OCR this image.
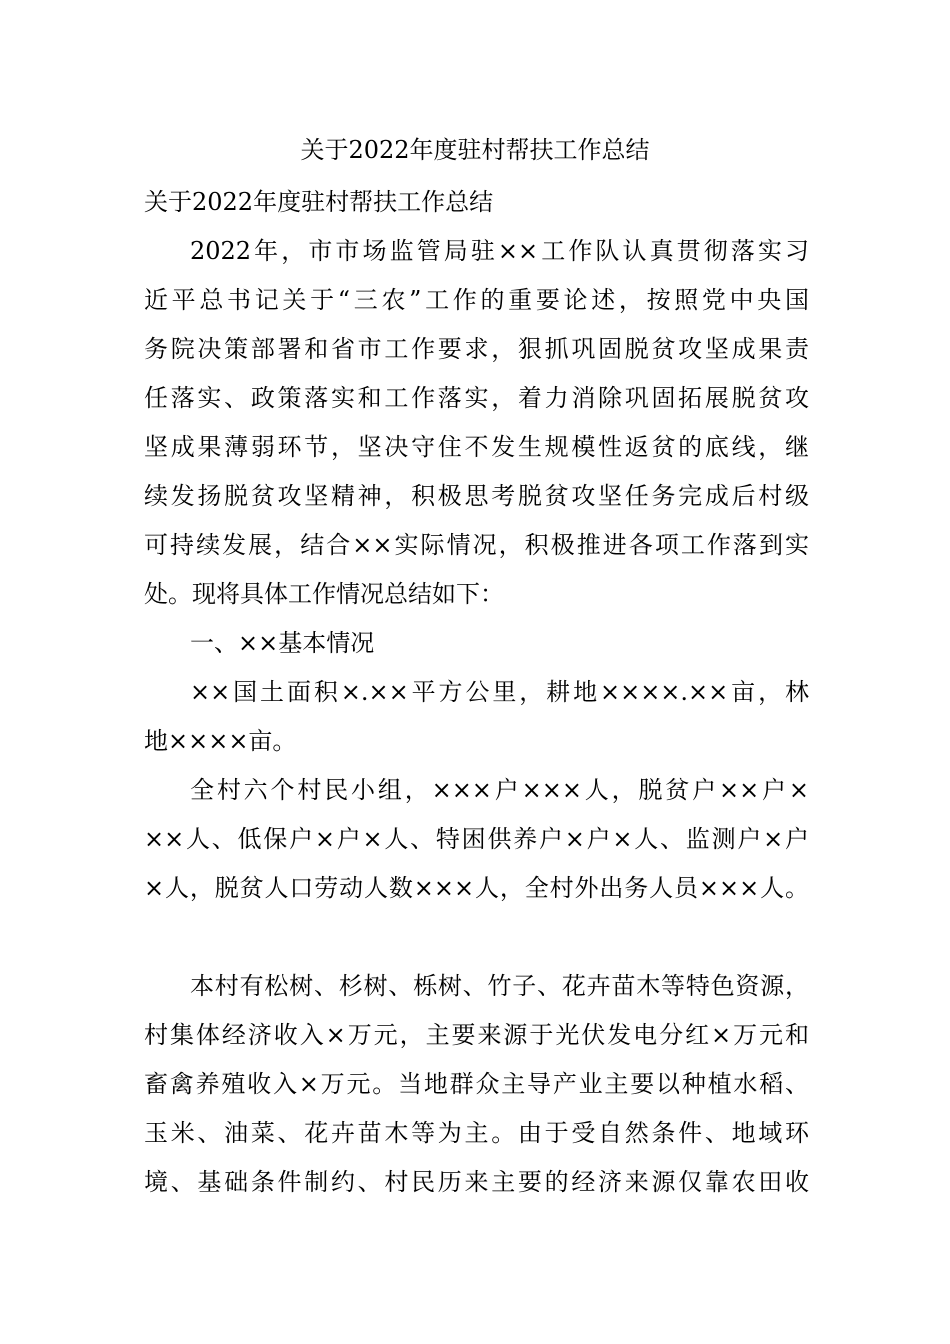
关于2022年度驻村帮扶工作总结

关于2022年度驻村帮扶工作总结

2022年，市市场监管局驻××工作队认真贯彻落实习

近平总书记关于“三农”工作的重要论述，按照党中央国

务院决策部署和省市工作要求，狠抓巩固脱贫攻坚成果责

任落实、政策落实和工作落实，着力消除巩固拓展脱贫攻

坚成果薄弱环节，坚决守住不发生规模性返贫的底线，继

续发扬脱贫攻坚精神，积极思考脱贫攻坚任务完成后村级

可持续发展，结合××实际情况，积极推进各项工作落到实

处。现将具体工作情况总结如下：

一、××基本情况

××国土面积×.××平方公里，耕地××××.××亩，林

地××××亩。

全村六个村民小组，×××户×××人，脱贫户××户×

××人、低保户×户×人、特困供养户×户×人、监测户×户

×人，脱贫人口劳动人数×××人，全村外出务人员×××人。

本村有松树、杉树、栎树、竹子、花卉苗木等特色资源，

村集体经济收入×万元，主要来源于光伏发电分红×万元和

畜禽养殖收入×万元。当地群众主导产业主要以种植水稻、

玉米、油菜、花卉苗木等为主。由于受自然条件、地域环

境、基础条件制约、村民历来主要的经济来源仅靠农田收
